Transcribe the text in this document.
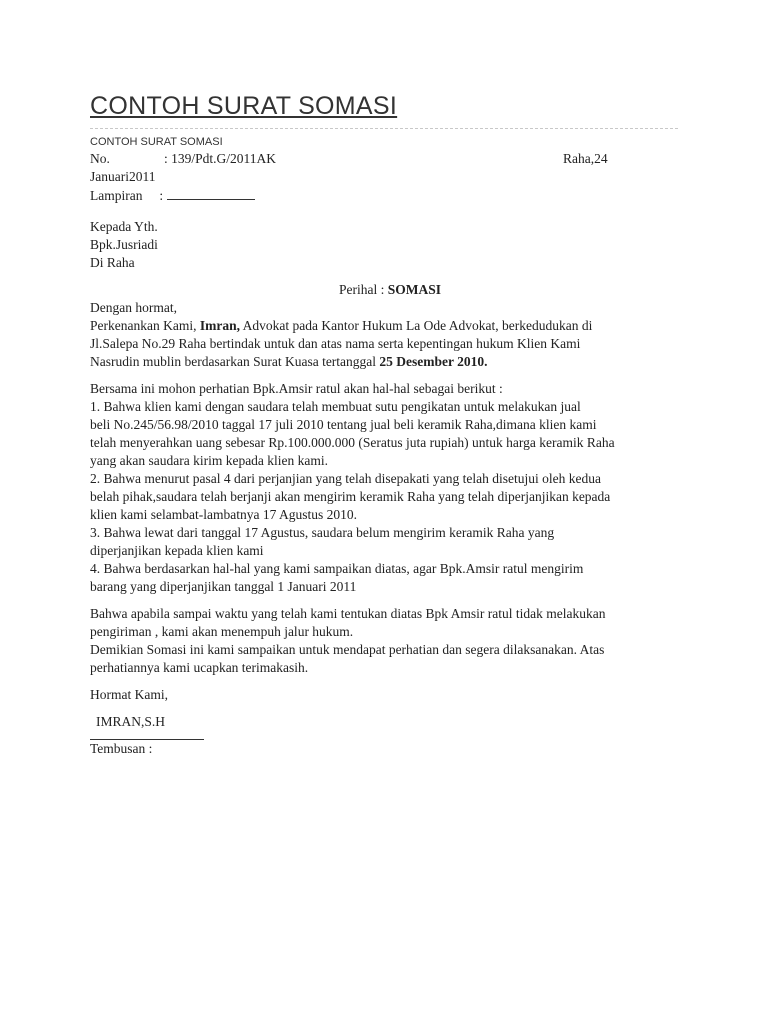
CONTOH SURAT SOMASI
CONTOH SURAT SOMASI
No.	: 139/Pdt.G/2011AK	Raha,24
Januari2011
Lampiran :
Kepada Yth.
Bpk.Jusriadi
Di Raha
Perihal : SOMASI
Dengan hormat,
Perkenankan Kami, Imran, Advokat pada Kantor Hukum La Ode Advokat, berkedudukan di
Jl.Salepa No.29 Raha bertindak untuk dan atas nama serta kepentingan hukum Klien Kami
Nasrudin mublin berdasarkan Surat Kuasa tertanggal 25 Desember 2010.
Bersama ini mohon perhatian Bpk.Amsir ratul akan hal-hal sebagai berikut :
1. Bahwa klien kami dengan saudara telah membuat sutu pengikatan untuk melakukan jual
beli No.245/56.98/2010 taggal 17 juli 2010 tentang jual beli keramik Raha,dimana klien kami
telah menyerahkan uang sebesar Rp.100.000.000 (Seratus juta rupiah) untuk harga keramik Raha
yang akan saudara kirim kepada klien kami.
2. Bahwa menurut pasal 4 dari perjanjian yang telah disepakati yang telah disetujui oleh kedua
belah pihak,saudara telah berjanji akan mengirim keramik Raha yang telah diperjanjikan kepada
klien kami selambat-lambatnya 17 Agustus 2010.
3. Bahwa lewat dari tanggal 17 Agustus, saudara belum mengirim keramik Raha yang
diperjanjikan kepada klien kami
4. Bahwa berdasarkan hal-hal yang kami sampaikan diatas, agar Bpk.Amsir ratul mengirim
barang yang diperjanjikan tanggal 1 Januari 2011
Bahwa apabila sampai waktu yang telah kami tentukan diatas Bpk Amsir ratul tidak melakukan
pengiriman , kami akan menempuh jalur hukum.
Demikian Somasi ini kami sampaikan untuk mendapat perhatian dan segera dilaksanakan. Atas
perhatiannya kami ucapkan terimakasih.
Hormat Kami,
IMRAN,S.H
Tembusan :
